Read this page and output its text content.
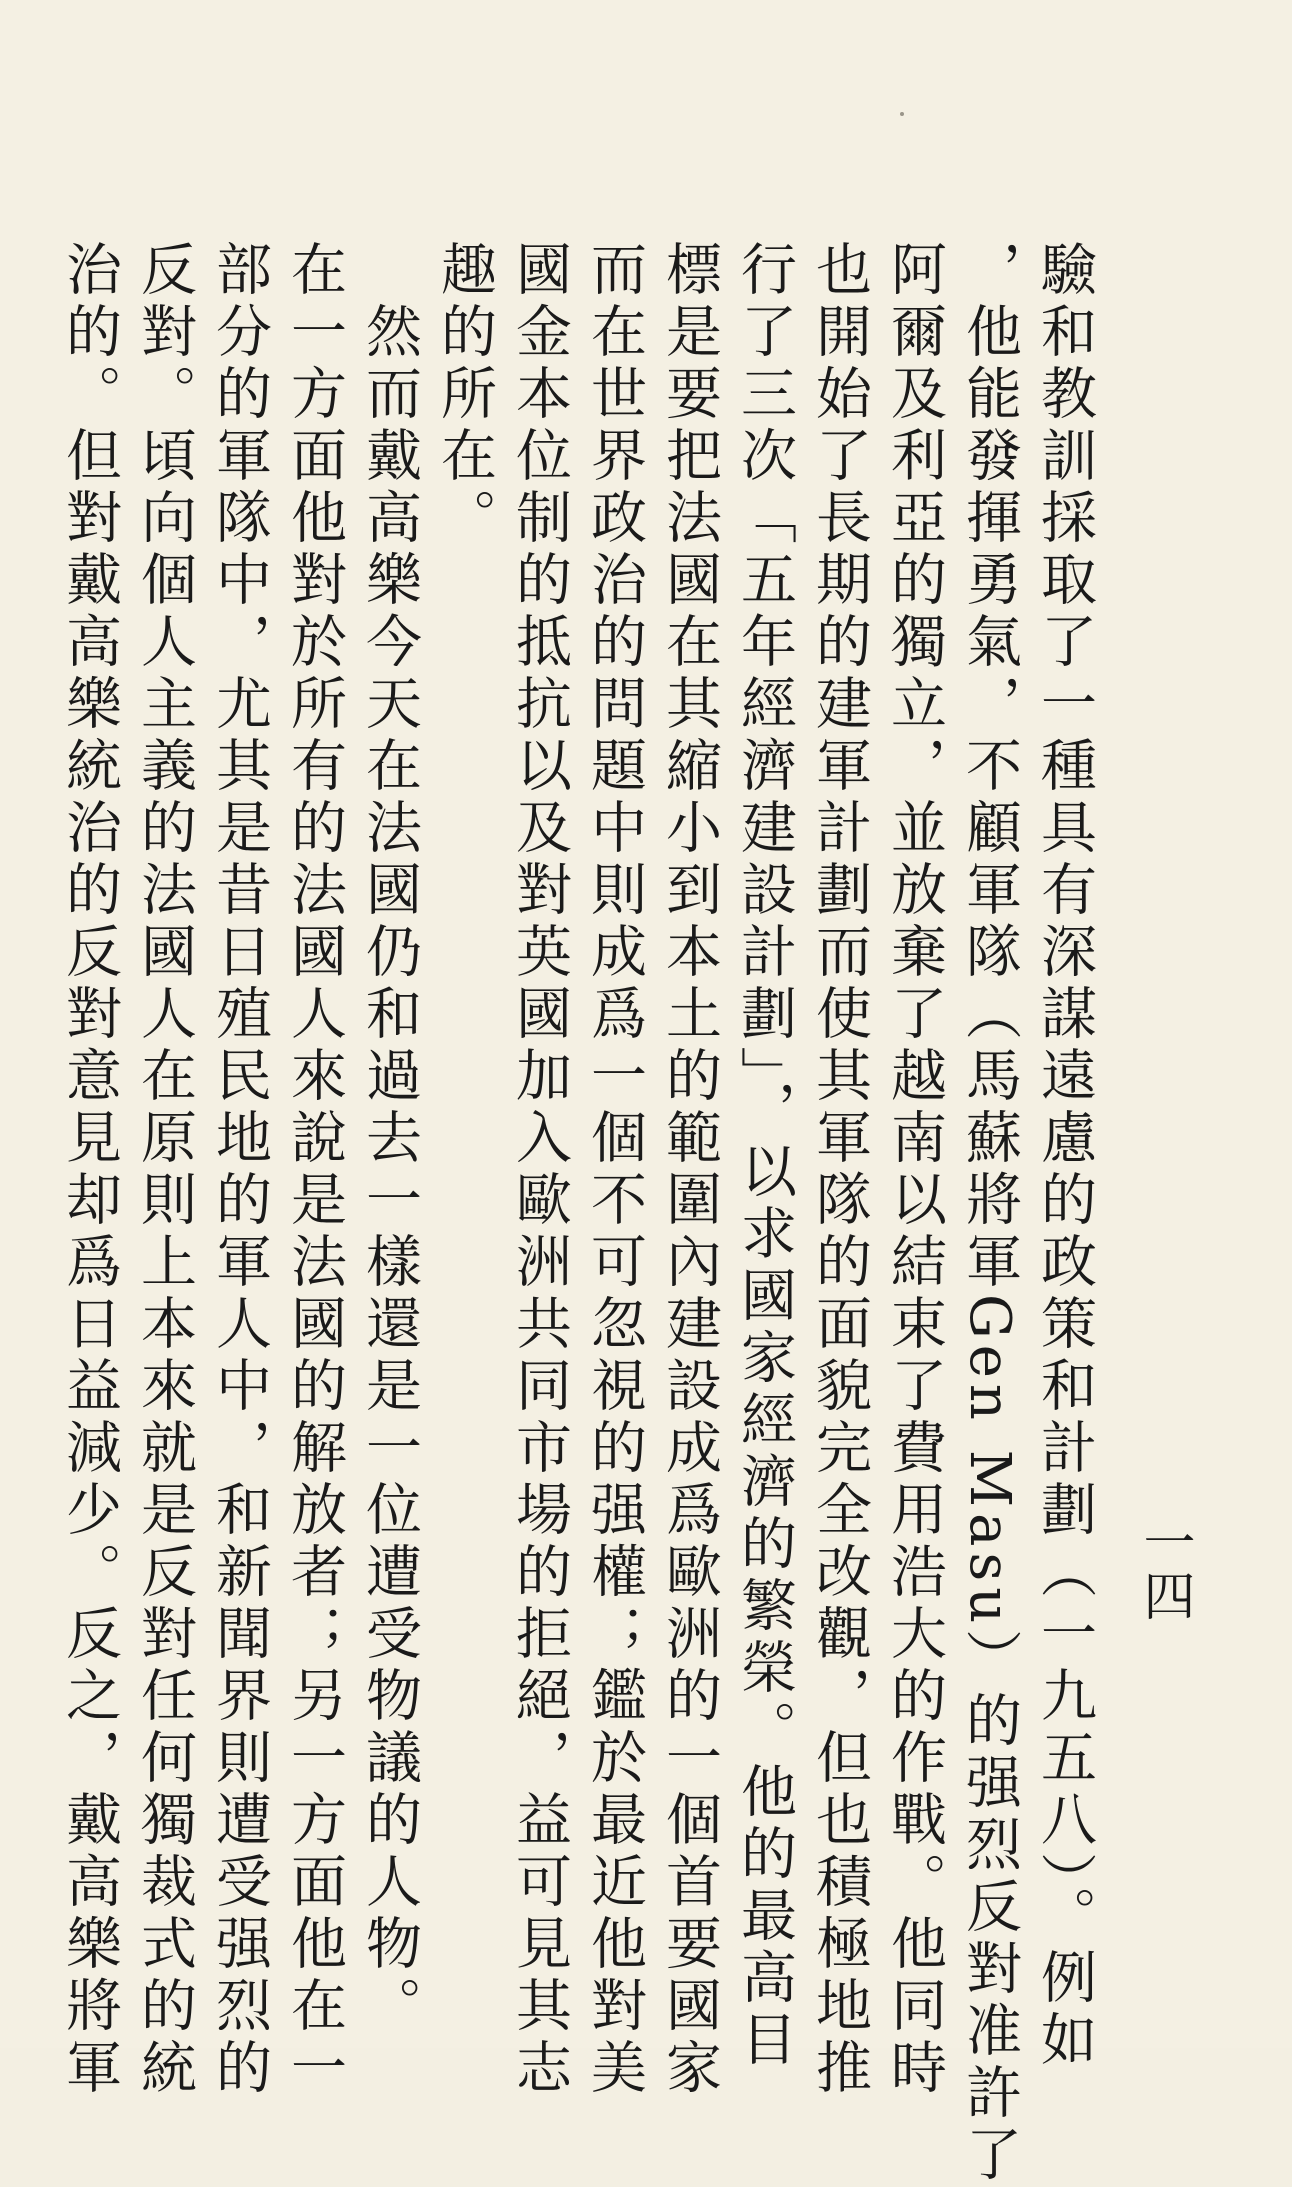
驗和教訓採取了一種具有深謀遠慮的政策和計劃（一九五八）。例如
，他能發揮勇氣，不顧軍隊（馬蘇將軍Gen Masu）的强烈反對准許了
阿爾及利亞的獨立，並放棄了越南以結束了費用浩大的作戰。他同時
也開始了長期的建軍計劃而使其軍隊的面貌完全改觀，但也積極地推
行了三次「五年經濟建設計劃」，以求國家經濟的繁榮。他的最高目
標是要把法國在其縮小到本土的範圍內建設成爲歐洲的一個首要國家
而在世界政治的問題中則成爲一個不可忽視的强權；鑑於最近他對美
國金本位制的抵抗以及對英國加入歐洲共同市場的拒絕，益可見其志
趣的所在。
然而戴高樂今天在法國仍和過去一樣還是一位遭受物議的人物。
在一方面他對於所有的法國人來說是法國的解放者；另一方面他在一
部分的軍隊中，尤其是昔日殖民地的軍人中，和新聞界則遭受强烈的
反對。頃向個人主義的法國人在原則上本來就是反對任何獨裁式的統
治的。但對戴高樂統治的反對意見却爲日益減少。反之，戴高樂將軍	一四
